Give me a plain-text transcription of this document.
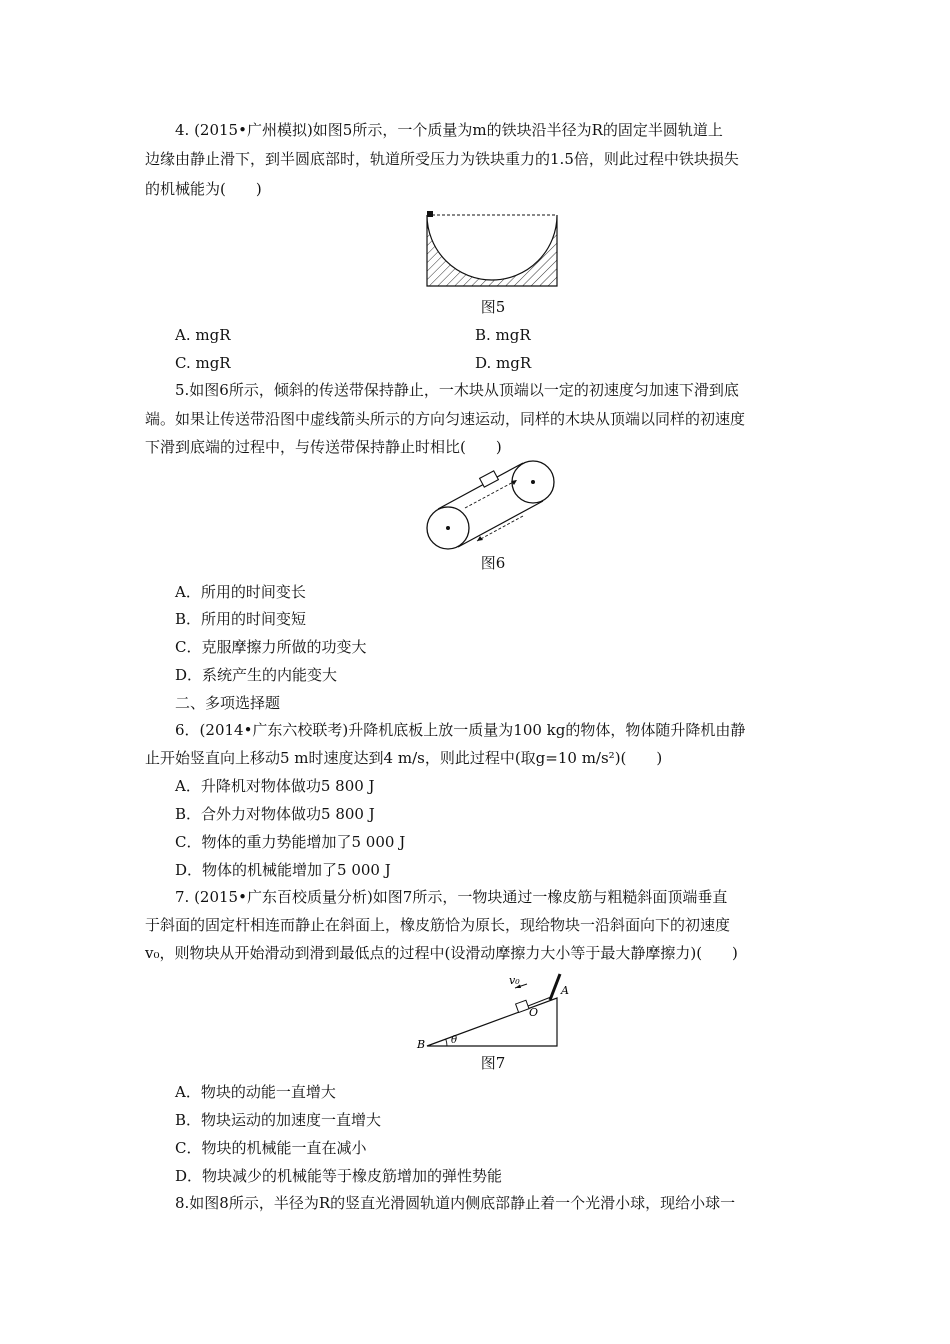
4. (2015•广州模拟)如图5所示，一个质量为m的铁块沿半径为R的固定半圆轨道上
边缘由静止滑下，到半圆底部时，轨道所受压力为铁块重力的1.5倍，则此过程中铁块损失
的机械能为(　　)
图5
A. mgR	B. mgR
C. mgR	D. mgR
5.如图6所示，倾斜的传送带保持静止，一木块从顶端以一定的初速度匀加速下滑到底
端。如果让传送带沿图中虚线箭头所示的方向匀速运动，同样的木块从顶端以同样的初速度
下滑到底端的过程中，与传送带保持静止时相比(　　)
图6
A．所用的时间变长
B．所用的时间变短
C．克服摩擦力所做的功变大
D．系统产生的内能变大
二、多项选择题
6．(2014•广东六校联考)升降机底板上放一质量为100 kg的物体，物体随升降机由静
止开始竖直向上移动5 m时速度达到4 m/s，则此过程中(取g=10 m/s²)(　　)
A．升降机对物体做功5 800 J
B．合外力对物体做功5 800 J
C．物体的重力势能增加了5 000 J
D．物体的机械能增加了5 000 J
7. (2015•广东百校质量分析)如图7所示，一物块通过一橡皮筋与粗糙斜面顶端垂直
于斜面的固定杆相连而静止在斜面上，橡皮筋恰为原长，现给物块一沿斜面向下的初速度
v₀，则物块从开始滑动到滑到最低点的过程中(设滑动摩擦力大小等于最大静摩擦力)(　　)
v₀
A
O
B	θ
图7
A．物块的动能一直增大
B．物块运动的加速度一直增大
C．物块的机械能一直在减小
D．物块减少的机械能等于橡皮筋增加的弹性势能
8.如图8所示，半径为R的竖直光滑圆轨道内侧底部静止着一个光滑小球，现给小球一
